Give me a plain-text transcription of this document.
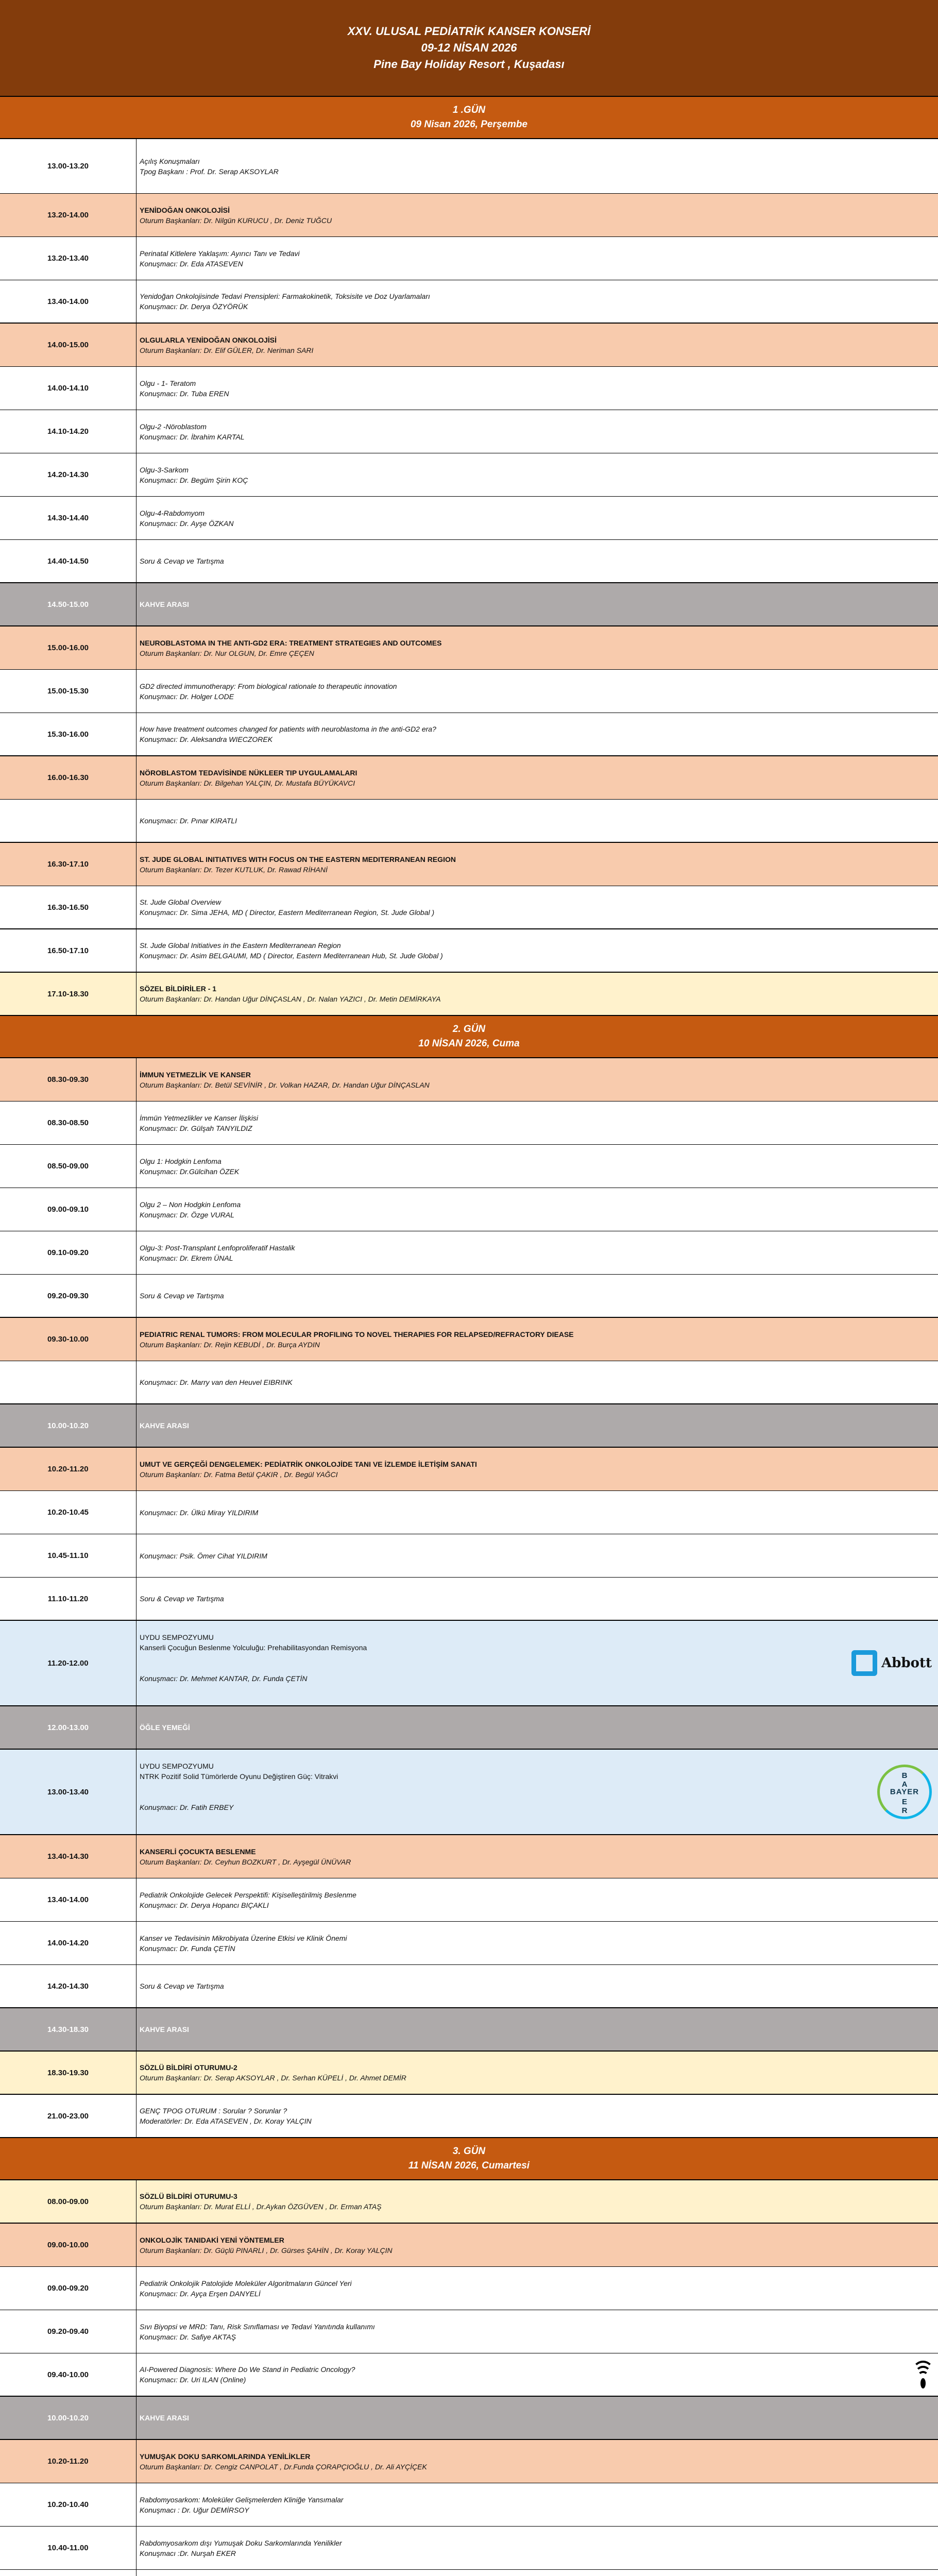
XXV. ULUSAL PEDİATRİK KANSER KONSERİ
09-12 NİSAN 2026
Pine Bay Holiday Resort , Kuşadası
1 .GÜN
09 Nisan 2026, Perşembe
13.00-13.20
Açılış Konuşmaları
Tpog Başkanı : Prof. Dr. Serap AKSOYLAR
13.20-14.00
YENİDOĞAN ONKOLOJİSİ
Oturum Başkanları: Dr. Nilgün KURUCU , Dr. Deniz TUĞCU
13.20-13.40
Perinatal Kitlelere Yaklaşım: Ayırıcı Tanı ve Tedavi
Konuşmacı: Dr. Eda ATASEVEN
13.40-14.00
Yenidoğan Onkolojisinde Tedavi Prensipleri: Farmakokinetik, Toksisite ve Doz Uyarlamaları
Konuşmacı: Dr. Derya ÖZYÖRÜK
14.00-15.00
OLGULARLA YENİDOĞAN ONKOLOJİSİ
Oturum Başkanları: Dr. Elif GÜLER, Dr. Neriman SARI
14.00-14.10
Olgu - 1- Teratom
Konuşmacı: Dr. Tuba EREN
14.10-14.20
Olgu-2 -Nöroblastom
Konuşmacı: Dr. İbrahim KARTAL
14.20-14.30
Olgu-3-Sarkom
Konuşmacı: Dr. Begüm Şirin KOÇ
14.30-14.40
Olgu-4-Rabdomyom
Konuşmacı: Dr. Ayşe ÖZKAN
14.40-14.50	Soru & Cevap ve Tartışma
14.50-15.00	KAHVE ARASI
15.00-16.00
NEUROBLASTOMA IN THE ANTI-GD2 ERA: TREATMENT STRATEGIES AND OUTCOMES
Oturum Başkanları: Dr. Nur OLGUN, Dr. Emre ÇEÇEN
15.00-15.30
GD2 directed immunotherapy: From biological rationale to therapeutic innovation
Konuşmacı: Dr. Holger LODE
15.30-16.00
How have treatment outcomes changed for patients with neuroblastoma in the anti-GD2 era?
Konuşmacı: Dr. Aleksandra WIECZOREK
16.00-16.30
NÖROBLASTOM TEDAVİSİNDE NÜKLEER TIP UYGULAMALARI
Oturum Başkanları: Dr. Bilgehan YALÇIN, Dr. Mustafa BÜYÜKAVCI
Konuşmacı: Dr. Pınar KIRATLI
16.30-17.10
ST. JUDE GLOBAL INITIATIVES WITH FOCUS ON THE EASTERN MEDITERRANEAN REGION
Oturum Başkanları: Dr. Tezer KUTLUK, Dr. Rawad RİHANİ
16.30-16.50
St. Jude Global Overview
Konuşmacı: Dr. Sima JEHA, MD ( Director, Eastern Mediterranean Region, St. Jude Global )
16.50-17.10
St. Jude Global Initiatives in the Eastern Mediterranean Region
Konuşmacı: Dr. Asim BELGAUMI, MD ( Director, Eastern Mediterranean Hub, St. Jude Global )
17.10-18.30
SÖZEL BİLDİRİLER - 1
Oturum Başkanları: Dr. Handan Uğur DİNÇASLAN , Dr. Nalan YAZICI , Dr. Metin DEMİRKAYA
2. GÜN
10 NİSAN 2026, Cuma
08.30-09.30
İMMUN YETMEZLİK VE KANSER
Oturum Başkanları: Dr. Betül SEVİNİR , Dr. Volkan HAZAR, Dr. Handan Uğur DİNÇASLAN
08.30-08.50
İmmün Yetmezlikler ve Kanser İlişkisi
Konuşmacı: Dr. Gülşah TANYILDIZ
08.50-09.00
Olgu 1: Hodgkin Lenfoma
Konuşmacı: Dr.Gülcihan ÖZEK
09.00-09.10
Olgu 2 – Non Hodgkin Lenfoma
Konuşmacı: Dr. Özge VURAL
09.10-09.20
Olgu-3: Post-Transplant Lenfoproliferatif Hastalik
Konuşmacı: Dr. Ekrem ÜNAL
09.20-09.30	Soru & Cevap ve Tartışma
09.30-10.00
PEDIATRIC RENAL TUMORS: FROM MOLECULAR PROFILING TO NOVEL THERAPIES FOR RELAPSED/REFRACTORY DIEASE
Oturum Başkanları: Dr. Rejin KEBUDİ , Dr. Burça AYDIN
Konuşmacı: Dr. Marry van den Heuvel EIBRINK
10.00-10.20	KAHVE ARASI
10.20-11.20
UMUT VE GERÇEĞİ DENGELEMEK: PEDİATRİK ONKOLOJİDE TANI VE İZLEMDE İLETİŞİM SANATI
Oturum Başkanları: Dr. Fatma Betül ÇAKIR , Dr. Begül YAĞCI
10.20-10.45	Konuşmacı: Dr. Ülkü Miray YILDIRIM
10.45-11.10	Konuşmacı: Psik. Ömer Cihat YILDIRIM
11.10-11.20	Soru & Cevap ve Tartışma
11.20-12.00
UYDU SEMPOZYUMU
Kanserli Çocuğun Beslenme Yolculuğu: Prehabilitasyondan Remisyona
Konuşmacı: Dr. Mehmet KANTAR, Dr. Funda ÇETİN
Abbott
12.00-13.00	ÖĞLE YEMEĞİ
13.00-13.40
UYDU SEMPOZYUMU
NTRK Pozitif Solid Tümörlerde Oyunu Değiştiren Güç: Vitrakvi
Konuşmacı: Dr. Fatih ERBEY
B
A

E
R
BAYER
13.40-14.30
KANSERLİ ÇOCUKTA BESLENME
Oturum Başkanları: Dr. Ceyhun BOZKURT , Dr. Ayşegül ÜNÜVAR
13.40-14.00
Pediatrik Onkolojide Gelecek Perspektifi: Kişiselleştirilmiş Beslenme
Konuşmacı: Dr. Derya Hopancı BIÇAKLI
14.00-14.20
Kanser ve Tedavisinin Mikrobiyata Üzerine Etkisi ve Klinik Önemi
Konuşmacı: Dr. Funda ÇETİN
14.20-14.30	Soru & Cevap ve Tartışma
14.30-18.30	KAHVE ARASI
18.30-19.30
SÖZLÜ BİLDİRİ OTURUMU-2
Oturum Başkanları: Dr. Serap AKSOYLAR , Dr. Serhan KÜPELİ , Dr. Ahmet DEMİR
21.00-23.00
GENÇ TPOG OTURUM : Sorular ? Sorunlar ?
Moderatörler: Dr. Eda ATASEVEN , Dr. Koray YALÇIN
3. GÜN
11 NİSAN 2026, Cumartesi
08.00-09.00
SÖZLÜ BİLDİRİ OTURUMU-3
Oturum Başkanları: Dr. Murat ELLİ , Dr.Aykan ÖZGÜVEN , Dr. Erman ATAŞ
09.00-10.00
ONKOLOJİK TANIDAKİ YENİ YÖNTEMLER
Oturum Başkanları: Dr. Güçlü PINARLI , Dr. Gürses ŞAHİN , Dr. Koray YALÇIN
09.00-09.20
Pediatrik Onkolojik Patolojide Moleküler Algoritmaların Güncel Yeri
Konuşmacı: Dr. Ayça Erşen DANYELİ
09.20-09.40
Sıvı Biyopsi ve MRD: Tanı, Risk Sınıflaması ve Tedavi Yanıtında kullanımı
Konuşmacı: Dr. Safiye AKTAŞ
09.40-10.00
AI-Powered Diagnosis: Where Do We Stand in Pediatric Oncology?
Konuşmacı: Dr. Uri ILAN (Online)
10.00-10.20	KAHVE ARASI
10.20-11.20
YUMUŞAK DOKU SARKOMLARINDA YENİLİKLER
Oturum Başkanları: Dr. Cengiz CANPOLAT , Dr.Funda ÇORAPÇIOĞLU , Dr. Ali AYÇİÇEK
10.20-10.40
Rabdomyosarkom: Moleküler Gelişmelerden Kliniğe Yansımalar
Konuşmacı : Dr. Uğur DEMİRSOY
10.40-11.00
Rabdomyosarkom dışı Yumuşak Doku Sarkomlarında Yenilikler
Konuşmacı :Dr. Nurşah EKER
